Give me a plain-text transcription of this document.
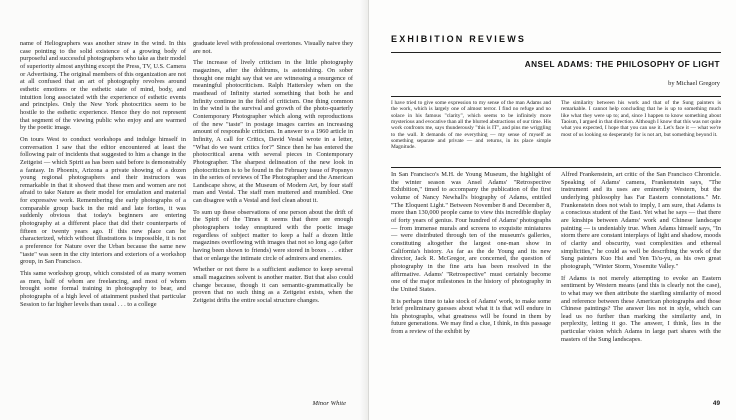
name of Heliographers was another straw in the wind. In this case pointing to the solid existence of a growing body of purposeful and successful photographers who take as their model of superiority almost anything except the Press, TV, U.S. Camera or Advertising. The original members of this organization are not at all confused that an art of photography revolves around esthetic emotions or the esthetic state of mind, body, and intuition long associated with the experience of esthetic events and principles. Only the New York photocritics seem to be hostile to the esthetic experience. Hence they do not represent that segment of the viewing public who enjoy and are warmed by the poetic image.

On tours West to conduct workshops and indulge himself in conversation I saw that the editor encountered at least the following pair of incidents that suggested to him a change in the Zeitgeist — which Spirit as has been said before is demonstrably a fantasy. In Phoenix, Arizona a private showing of a dozen young regional photographers and their instructors was remarkable in that it showed that these men and women are not afraid to take Nature as their model for emulation and material for expressive work. Remembering the early photographs of a comparable group back in the mid and late forties, it was suddenly obvious that today's beginners are entering photography at a different place that did their counterparts of fifteen or twenty years ago. If this new place can be characterized, which without illustrations is impossible, it is not a preference for Nature over the Urban because the same new "taste" was seen in the city interiors and exteriors of a workshop group, in San Francisco.

This same workshop group, which consisted of as many women as men, half of whom are freelancing, and most of whom brought some formal training in photography to bear, and photographs of a high level of attainment pushed that particular Session to far higher levels than usual . . . to a college

graduate level with professional overtones. Visually naive they are not.

The increase of lively criticism in the little photography magazines, after the doldrums, is astonishing. On sober thought one might say that we are witnessing a resurgence of meaningful photocriticism. Ralph Hattersley when on the masthead of Infinity started something that both he and Infinity continue in the field of criticism. One thing common in the wind is the survival and growth of the photo-quarterly Contemporary Photographer which along with reproductions of the new "taste" in postage images carries an increasing amount of responsible criticism. In answer to a 1960 article in Infinity, A call for Critics, David Vestal wrote in a letter, "What do we want critics for?" Since then he has entered the photocritical arena with several pieces in Contemporary Photographer. The sharpest delineation of the new look in photocriticism is to be found in the February issue of Popsnyo in the series of reviews of The Photographer and the American Landscape show, at the Museum of Modern Art, by four staff man and Vestal. The staff men muttered and mumbled. One can disagree with a Vestal and feel clean about it.

To sum up these observations of one person about the drift of the Spirit of the Times it seems that there are enough photographers today enraptured with the poetic image regardless of subject matter to keep a half a dozen little magazines overflowing with images that not so long ago (after having been shown to friends) were stored in boxes . . . either that or enlarge the intimate circle of admirers and enemies.

Whether or not there is a sufficient audience to keep several small magazines solvent is another matter. But that also could change because, though it can semantic-grammatically be proven that no such thing as a Zeitgeist exists, when the Zeitgeist drifts the entire social structure changes.

Minor White
EXHIBITION REVIEWS
ANSEL ADAMS: THE PHILOSOPHY OF LIGHT
by Michael Gregory
I have tried to give some expression to my sense of the man Adams and the work, which is largely one of almost terror. I find no refuge and no solace in his famous "clarity", which seems to be infinitely more mysterious and evocative than all the blurred abstractions of our time. His work confronts me, says thunderously "this is IT", and pins me wriggling to the wall. It demands of me everything — my sense of myself as something separate and private — and returns, in its place simple Magnitude.
The similarity between his work and that of the Sung painters is remarkable. I cannot help concluding that he is up to something much like what they were up to; and, since I happen to know something about Taoism, I argued in that direction. Although I know that this was not quite what you expected, I hope that you can use it. Let's face it — what we're most of us looking so desperately for is not art, but something beyond it.

In San Francisco's M.H. de Young Museum, the highlight of the winter season was Ansel Adams' "Retrospective Exhibition," timed to accompany the publication of the first volume of Nancy Newhall's biography of Adams, entitled "The Eloquent Light." Between November 8 and December 8, more than 130,000 people came to view this incredible display of forty years of genius. Four hundred of Adams' photographs — from immense murals and screens to exquisite miniatures — were distributed through ten of the museum's galleries, constituting altogether the largest one-man show in California's history. As far as the de Young and its new director, Jack R. McGregor, are concerned, the question of photography in the fine arts has been resolved in the affirmative. Adams' "Retrospective" must certainly become one of the major milestones in the history of photography in the United States.

It is perhaps time to take stock of Adams' work, to make some brief preliminary guesses about what it is that will endure in his photographs, what greatness will be found in them by future generations. We may find a clue, I think, in this passage from a review of the exhibit by

Alfred Frankenstein, art critic of the San Francisco Chronicle. Speaking of Adams' camera, Frankenstein says, "The instrument and its uses are eminently Western, but the underlying philosophy has Far Eastern connotations." Mr. Frankenstein does not wish to imply, I am sure, that Adams is a conscious student of the East. Yet what he says — that there are kinships between Adams' work and Chinese landscape painting — is undeniably true. When Adams himself says, "In storm there are constant interplays of light and shadow, moods of clarity and obscurity, vast complexities and ethereal simplicities," he could as well be describing the work of the Sung painters Kuo Hsi and Yen Ts'u-yu, as his own great photograph, "Winter Storm, Yosemite Valley."

If Adams is not merely attempting to evoke an Eastern sentiment by Western means (and this is clearly not the case), to what may we then attribute the startling similarity of mood and reference between these American photographs and those Chinese paintings? The answer lies not in style, which can lead us no further than marking the similarity and, in perplexity, letting it go. The answer, I think, lies in the particular vision which Adams in large part shares with the masters of the Sung landscapes.

49
